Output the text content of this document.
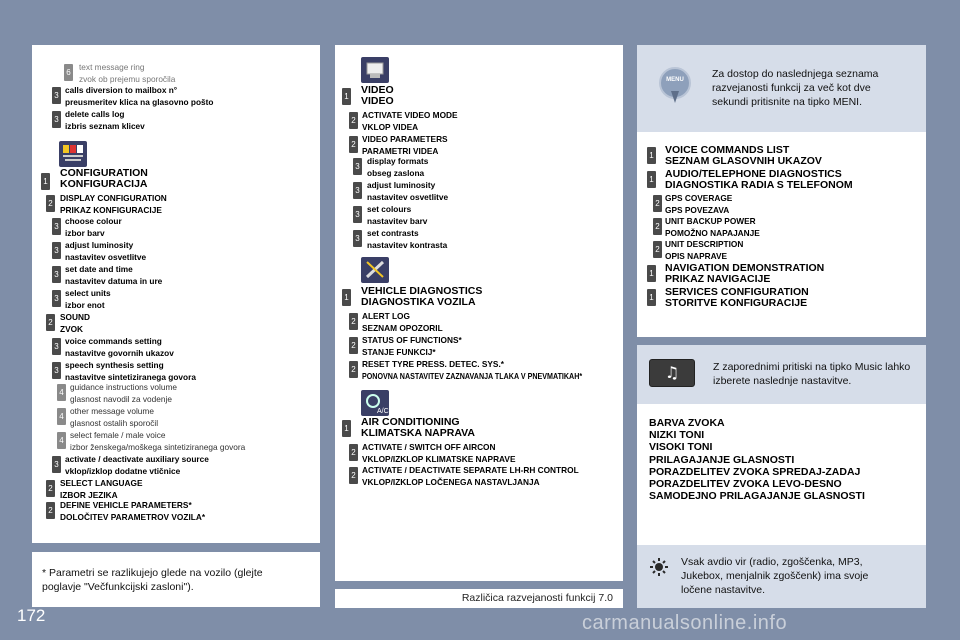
6
text message ring
zvok ob prejemu sporočila
3
calls diversion to mailbox n°
preusmeritev klica na glasovno pošto
3
delete calls log
izbris seznam klicev
1
CONFIGURATION
KONFIGURACIJA
2
DISPLAY CONFIGURATION
PRIKAZ KONFIGURACIJE
3
choose colour
izbor barv
3
adjust luminosity
nastavitev osvetlitve
3
set date and time
nastavitev datuma in ure
3
select units
izbor enot
2
SOUND
ZVOK
3
voice commands setting
nastavitve govornih ukazov
3
speech synthesis setting
nastavitve sintetiziranega govora
4
guidance instructions volume
glasnost navodil za vodenje
4
other message volume
glasnost ostalih sporočil
4
select female / male voice
izbor ženskega/moškega sintetiziranega govora
3
activate / deactivate auxiliary source
vklop/izklop dodatne vtičnice
2
SELECT LANGUAGE
IZBOR JEZIKA
2
DEFINE VEHICLE PARAMETERS*
DOLOČITEV PARAMETROV VOZILA*
* Parametri se razlikujejo glede na vozilo (glejte poglavje "Večfunkcijski zasloni").
1
VIDEO
VIDEO
2
ACTIVATE VIDEO MODE
VKLOP VIDEA
2
VIDEO PARAMETERS
PARAMETRI VIDEA
3
display formats
obseg zaslona
3
adjust luminosity
nastavitev osvetlitve
3
set colours
nastavitev barv
3
set contrasts
nastavitev kontrasta
1
VEHICLE DIAGNOSTICS
DIAGNOSTIKA VOZILA
2
ALERT LOG
SEZNAM OPOZORIL
2
STATUS OF FUNCTIONS*
STANJE FUNKCIJ*
2
RESET TYRE PRESS. DETEC. SYS.*
PONOVNA NASTAVITEV ZAZNAVANJA TLAKA V PNEVMATIKAH*
A/C
1
AIR CONDITIONING
KLIMATSKA NAPRAVA
2
ACTIVATE / SWITCH OFF AIRCON
VKLOP/IZKLOP KLIMATSKE NAPRAVE
2
ACTIVATE / DEACTIVATE SEPARATE LH-RH CONTROL
VKLOP/IZKLOP LOČENEGA NASTAVLJANJA
Različica razvejanosti funkcij 7.0
MENU	Za dostop do naslednjega seznama razvejanosti funkcij za več kot dve sekundi pritisnite na tipko MENI.
1 VOICE COMMANDS LIST
SEZNAM GLASOVNIH UKAZOV
1 AUDIO/TELEPHONE DIAGNOSTICS
DIAGNOSTIKA RADIA S TELEFONOM
2
GPS COVERAGE
GPS POVEZAVA
2
UNIT BACKUP POWER
POMOŽNO NAPAJANJE
2
UNIT DESCRIPTION
OPIS NAPRAVE
1 NAVIGATION DEMONSTRATION
PRIKAZ NAVIGACIJE
1 SERVICES CONFIGURATION
STORITVE KONFIGURACIJE
♫	Z zaporednimi pritiski na tipko Music lahko izberete naslednje nastavitve.
BARVA ZVOKA
NIZKI TONI
VISOKI TONI
PRILAGAJANJE GLASNOSTI
PORAZDELITEV ZVOKA SPREDAJ-ZADAJ
PORAZDELITEV ZVOKA LEVO-DESNO
SAMODEJNO PRILAGAJANJE GLASNOSTI
Vsak avdio vir (radio, zgoščenka, MP3, Jukebox, menjalnik zgoščenk) ima svoje ločene nastavitve.
172	carmanualsonline.info
